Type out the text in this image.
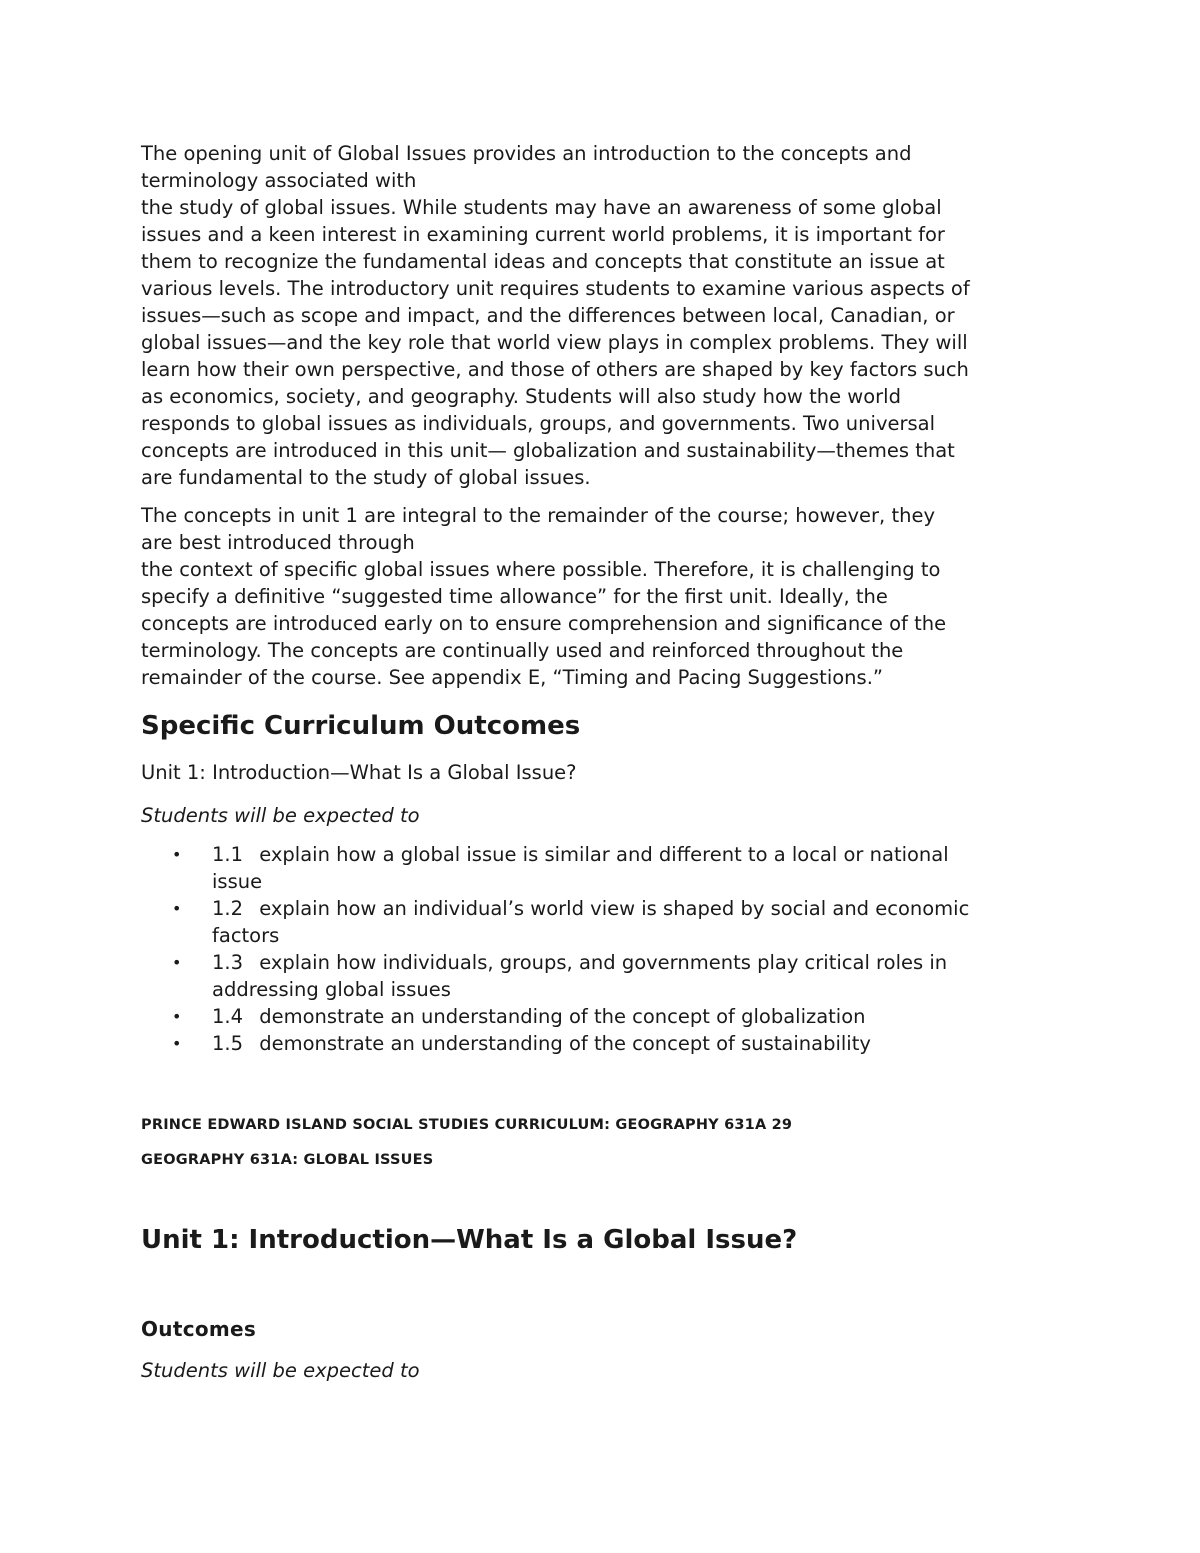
The opening unit of Global Issues provides an introduction to the concepts and
terminology associated with
the study of global issues. While students may have an awareness of some global
issues and a keen interest in examining current world problems, it is important for
them to recognize the fundamental ideas and concepts that constitute an issue at
various levels. The introductory unit requires students to examine various aspects of
issues—such as scope and impact, and the differences between local, Canadian, or
global issues—and the key role that world view plays in complex problems. They will
learn how their own perspective, and those of others are shaped by key factors such
as economics, society, and geography. Students will also study how the world
responds to global issues as individuals, groups, and governments. Two universal
concepts are introduced in this unit— globalization and sustainability—themes that
are fundamental to the study of global issues.

The concepts in unit 1 are integral to the remainder of the course; however, they
are best introduced through
the context of specific global issues where possible. Therefore, it is challenging to
specify a definitive “suggested time allowance” for the first unit. Ideally, the
concepts are introduced early on to ensure comprehension and significance of the
terminology. The concepts are continually used and reinforced throughout the
remainder of the course. See appendix E, “Timing and Pacing Suggestions.”

Specific Curriculum Outcomes

Unit 1: Introduction—What Is a Global Issue?

Students will be expected to

• 1.1 explain how a global issue is similar and different to a local or national
issue
• 1.2 explain how an individual’s world view is shaped by social and economic
factors
• 1.3 explain how individuals, groups, and governments play critical roles in
addressing global issues
• 1.4 demonstrate an understanding of the concept of globalization
• 1.5 demonstrate an understanding of the concept of sustainability

PRINCE EDWARD ISLAND SOCIAL STUDIES CURRICULUM: GEOGRAPHY 631A 29

GEOGRAPHY 631A: GLOBAL ISSUES

Unit 1: Introduction—What Is a Global Issue?
Outcomes

Students will be expected to
